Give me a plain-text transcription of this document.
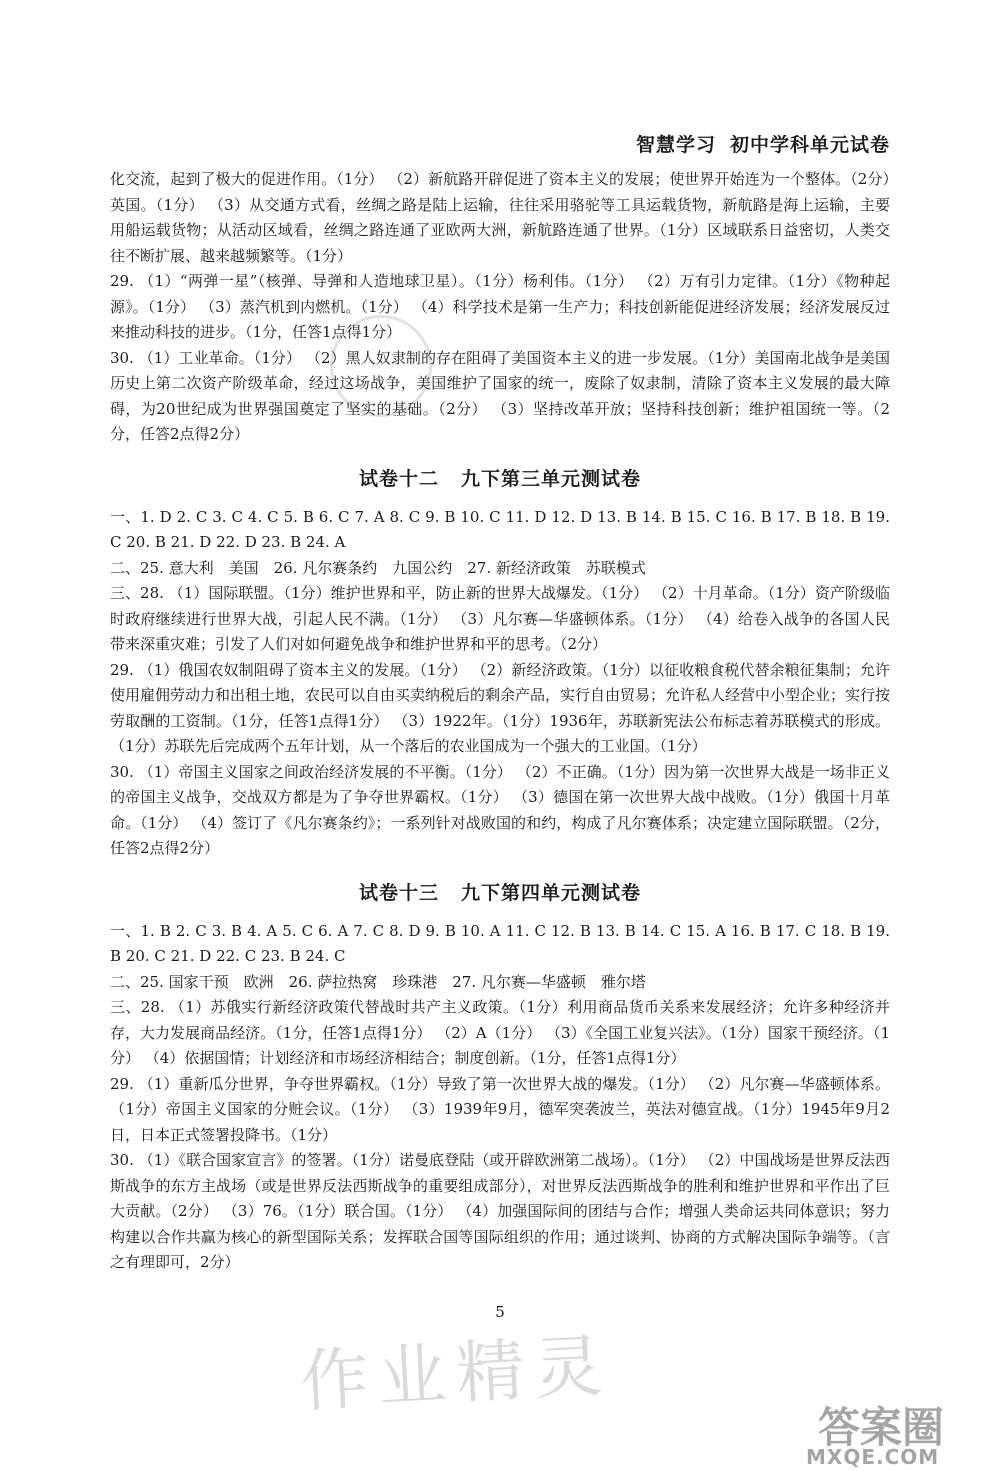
智慧学习 初中学科单元试卷

化交流，起到了极大的促进作用。（1分） （2）新航路开辟促进了资本主义的发展；使世界开始连为一个整体。（2分）英国。（1分） （3）从交通方式看，丝绸之路是陆上运输，往往采用骆驼等工具运载货物，新航路是海上运输，主要用船运载货物；从活动区域看，丝绸之路连通了亚欧两大洲，新航路连通了世界。（1分）区域联系日益密切，人类交往不断扩展、越来越频繁等。（1分）

29. （1）“两弹一星”（核弹、导弹和人造地球卫星）。（1分）杨利伟。（1分） （2）万有引力定律。（1分）《物种起源》。（1分） （3）蒸汽机到内燃机。（1分） （4）科学技术是第一生产力；科技创新能促进经济发展；经济发展反过来推动科技的进步。（1分，任答1点得1分）

30. （1）工业革命。（1分） （2）黑人奴隶制的存在阻碍了美国资本主义的进一步发展。（1分）美国南北战争是美国历史上第二次资产阶级革命，经过这场战争，美国维护了国家的统一，废除了奴隶制，清除了资本主义发展的最大障碍，为20世纪成为世界强国奠定了坚实的基础。（2分） （3）坚持改革开放；坚持科技创新；维护祖国统一等。（2分，任答2点得2分）

试卷十二 九下第三单元测试卷

一、1. D 2. C 3. C 4. C 5. B 6. C 7. A 8. C 9. B 10. C 11. D 12. D 13. B 14. B 15. C 16. B 17. B 18. B 19. C 20. B 21. D 22. D 23. B 24. A

二、25. 意大利　美国　26. 凡尔赛条约　九国公约　27. 新经济政策　苏联模式

三、28. （1）国际联盟。（1分）维护世界和平，防止新的世界大战爆发。（1分） （2）十月革命。（1分）资产阶级临时政府继续进行世界大战，引起人民不满。（1分） （3）凡尔赛—华盛顿体系。（1分） （4）给卷入战争的各国人民带来深重灾难；引发了人们对如何避免战争和维护世界和平的思考。（2分）

29. （1）俄国农奴制阻碍了资本主义的发展。（1分） （2）新经济政策。（1分）以征收粮食税代替余粮征集制；允许使用雇佣劳动力和出租土地，农民可以自由买卖纳税后的剩余产品，实行自由贸易；允许私人经营中小型企业；实行按劳取酬的工资制。（1分，任答1点得1分） （3）1922年。（1分）1936年，苏联新宪法公布标志着苏联模式的形成。（1分）苏联先后完成两个五年计划，从一个落后的农业国成为一个强大的工业国。（1分）

30. （1）帝国主义国家之间政治经济发展的不平衡。（1分） （2）不正确。（1分）因为第一次世界大战是一场非正义的帝国主义战争，交战双方都是为了争夺世界霸权。（1分） （3）德国在第一次世界大战中战败。（1分）俄国十月革命。（1分） （4）签订了《凡尔赛条约》；一系列针对战败国的和约，构成了凡尔赛体系；决定建立国际联盟。（2分，任答2点得2分）

试卷十三 九下第四单元测试卷

一、1. B 2. C 3. B 4. A 5. C 6. A 7. C 8. D 9. B 10. A 11. C 12. B 13. B 14. C 15. A 16. B 17. C 18. B 19. B 20. C 21. D 22. C 23. B 24. C

二、25. 国家干预　欧洲　26. 萨拉热窝　珍珠港　27. 凡尔赛—华盛顿　雅尔塔

三、28. （1）苏俄实行新经济政策代替战时共产主义政策。（1分）利用商品货币关系来发展经济；允许多种经济并存，大力发展商品经济。（1分，任答1点得1分） （2）A（1分） （3）《全国工业复兴法》。（1分）国家干预经济。（1分） （4）依据国情；计划经济和市场经济相结合；制度创新。（1分，任答1点得1分）

29. （1）重新瓜分世界，争夺世界霸权。（1分）导致了第一次世界大战的爆发。（1分） （2）凡尔赛—华盛顿体系。（1分）帝国主义国家的分赃会议。（1分） （3）1939年9月，德军突袭波兰，英法对德宣战。（1分）1945年9月2日，日本正式签署投降书。（1分）

30. （1）《联合国家宣言》的签署。（1分）诺曼底登陆（或开辟欧洲第二战场）。（1分） （2）中国战场是世界反法西斯战争的东方主战场（或是世界反法西斯战争的重要组成部分），对世界反法西斯战争的胜利和维护世界和平作出了巨大贡献。（2分） （3）76。（1分）联合国。（1分） （4）加强国际间的团结与合作；增强人类命运共同体意识；努力构建以合作共赢为核心的新型国际关系；发挥联合国等国际组织的作用；通过谈判、协商的方式解决国际争端等。（言之有理即可，2分）

5
作业精灵
答案圈
MXQE.COM
